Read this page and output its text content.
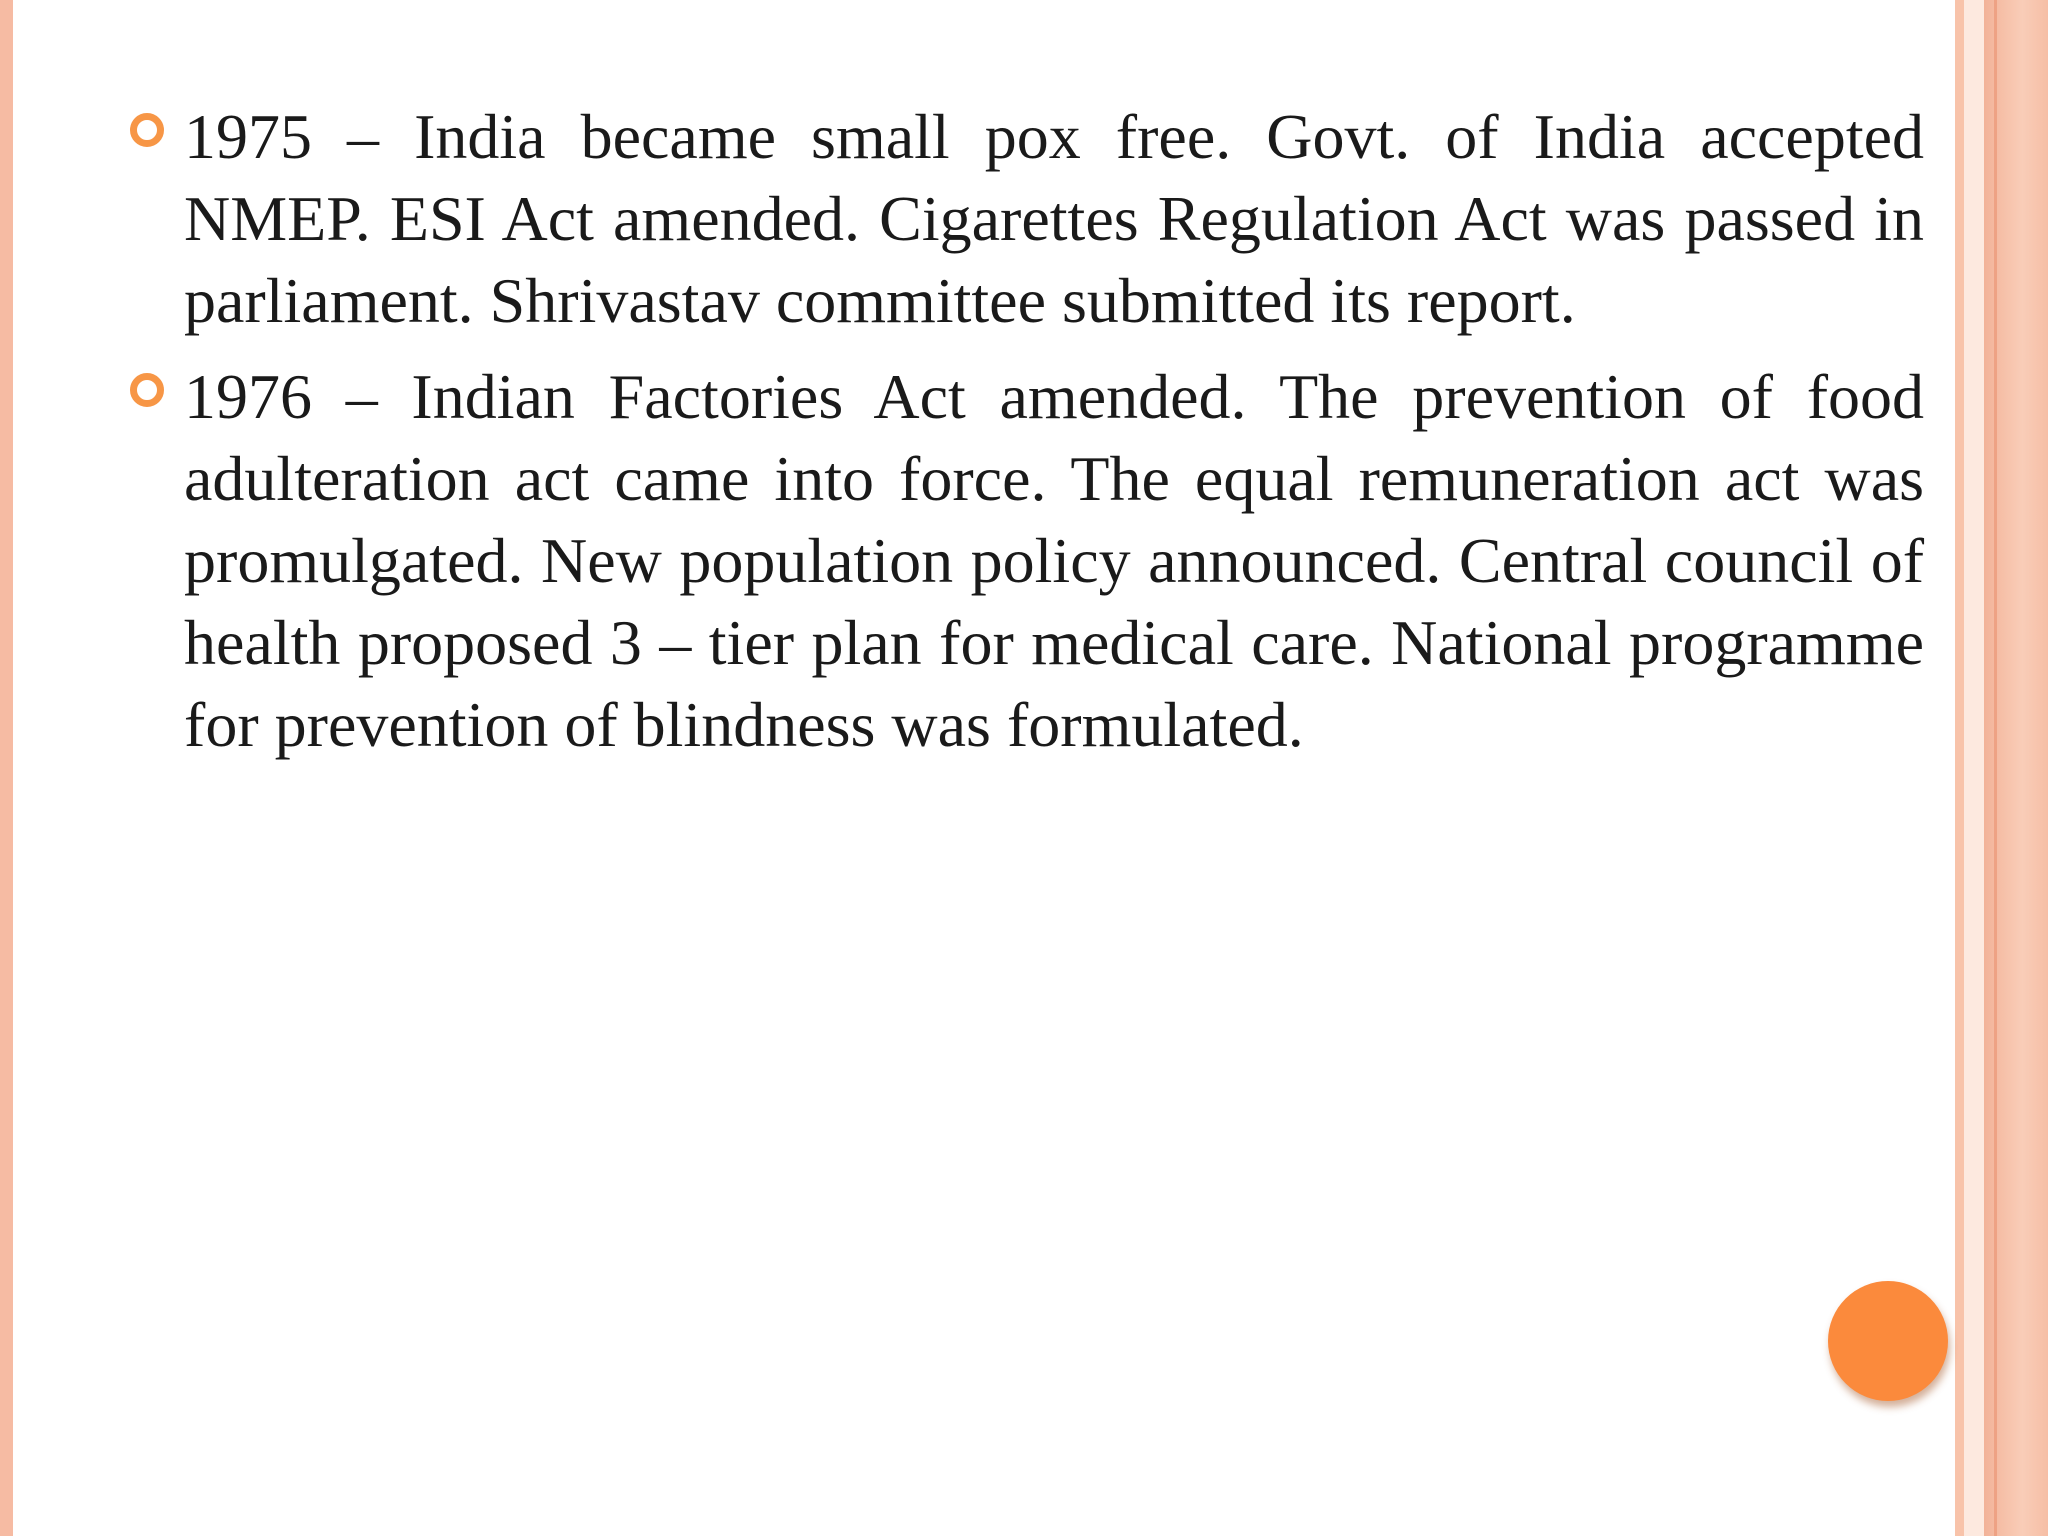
1975 – India became small pox free. Govt. of India accepted NMEP. ESI Act amended. Cigarettes Regulation Act was passed in parliament. Shrivastav committee submitted its report.
1976 – Indian Factories Act amended. The prevention of food adulteration act came into force. The equal remuneration act was promulgated. New population policy announced. Central council of health proposed 3 – tier plan for medical care. National programme for prevention of blindness was formulated.
